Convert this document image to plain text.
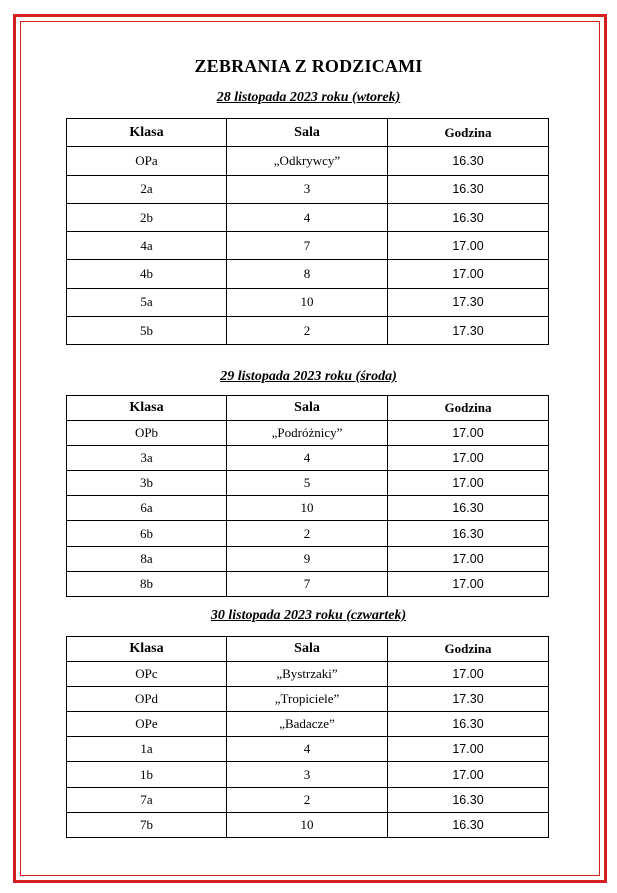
ZEBRANIA Z RODZICAMI
28 listopada 2023 roku (wtorek)
Klasa	Sala	Godzina
OPa	„Odkrywcy”	16.30
2a	3	16.30
2b	4	16.30
4a	7	17.00
4b	8	17.00
5a	10	17.30
5b	2	17.30
29 listopada 2023 roku (środa)
Klasa	Sala	Godzina
OPb	„Podróżnicy”	17.00
3a	4	17.00
3b	5	17.00
6a	10	16.30
6b	2	16.30
8a	9	17.00
8b	7	17.00
30 listopada 2023 roku (czwartek)
Klasa	Sala	Godzina
OPc	„Bystrzaki”	17.00
OPd	„Tropiciele”	17.30
OPe	„Badacze”	16.30
1a	4	17.00
1b	3	17.00
7a	2	16.30
7b	10	16.30
